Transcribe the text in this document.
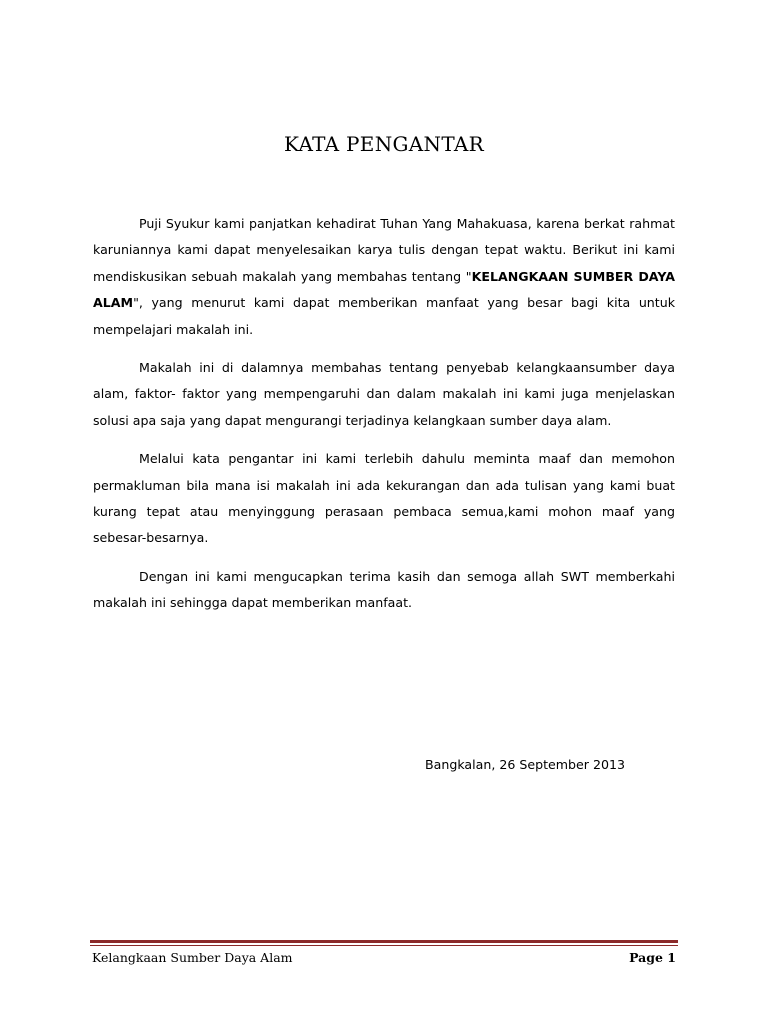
KATA PENGANTAR

Puji Syukur kami panjatkan kehadirat Tuhan Yang Mahakuasa, karena berkat rahmat karuniannya kami dapat menyelesaikan karya tulis dengan tepat waktu. Berikut ini kami mendiskusikan sebuah makalah yang membahas tentang "KELANGKAAN SUMBER DAYA ALAM", yang menurut kami dapat memberikan manfaat yang besar bagi kita untuk mempelajari makalah ini.

Makalah ini di dalamnya membahas tentang penyebab kelangkaansumber daya alam, faktor- faktor yang mempengaruhi dan dalam makalah ini kami juga menjelaskan solusi apa saja yang dapat mengurangi terjadinya kelangkaan sumber daya alam.

Melalui kata pengantar ini kami terlebih dahulu meminta maaf dan memohon permakluman bila mana isi makalah ini ada kekurangan dan ada tulisan yang kami buat kurang tepat atau menyinggung perasaan pembaca semua,kami mohon maaf yang sebesar-besarnya.

Dengan ini kami mengucapkan terima kasih dan semoga allah SWT memberkahi makalah ini sehingga dapat memberikan manfaat.

Bangkalan, 26 September 2013
Kelangkaan Sumber Daya Alam	Page 1
